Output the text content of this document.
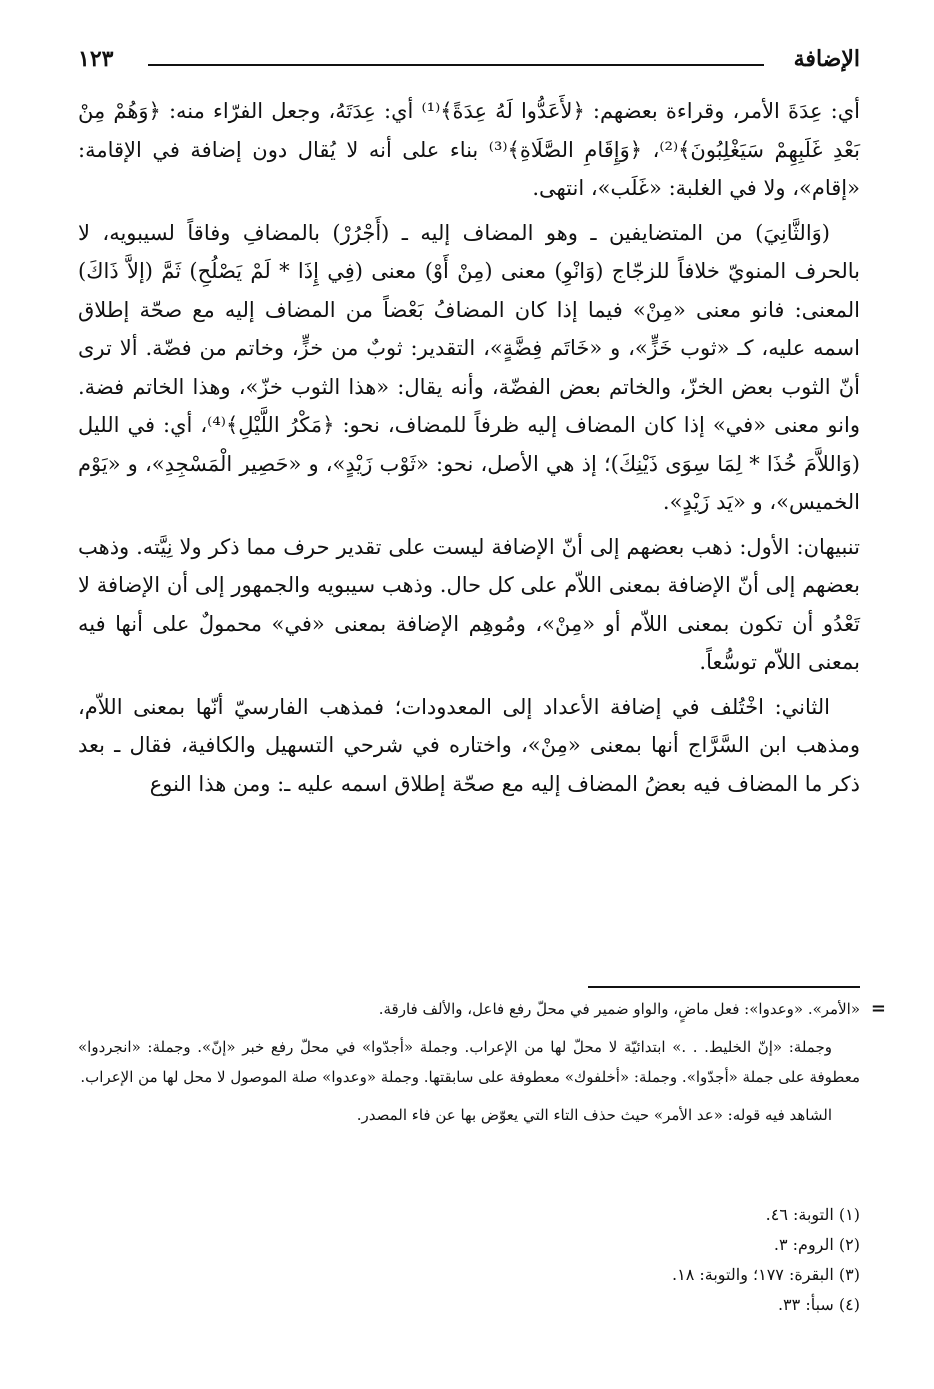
الإضافة
١٢٣

أي: عِدَةَ الأمر، وقراءة بعضهم: ﴿لأَعَدُّوا لَهُ عِدَةً﴾⁽¹⁾ أي: عِدَتَهُ، وجعل الفرّاء منه: ﴿وَهُمْ مِنْ بَعْدِ غَلَبِهِمْ سَيَغْلِبُونَ﴾⁽²⁾، ﴿وَإِقَامِ الصَّلَاةِ﴾⁽³⁾ بناء على أنه لا يُقال دون إضافة في الإقامة: «إقام»، ولا في الغلبة: «غَلَب»، انتهى.

(وَالثَّانِيَ) من المتضايفين ـ وهو المضاف إليه ـ (أَجْرُرْ) بالمضافِ وفاقاً لسيبويه، لا بالحرف المنويّ خلافاً للزجّاج (وَانْوِ) معنى (مِنْ أَوْ) معنى (فِي إِذَا * لَمْ يَصْلُحِ) ثَمَّ (إلاَّ ذَاكَ) المعنى: فانو معنى «مِنْ» فيما إذا كان المضافُ بَعْضاً من المضاف إليه مع صحّة إطلاق اسمه عليه، كـ «ثوب خَزٍّ»، و «خَاتَم فِضَّةٍ»، التقدير: ثوبٌ من خزٍّ، وخاتم من فضّة. ألا ترى أنّ الثوب بعض الخزّ، والخاتم بعض الفضّة، وأنه يقال: «هذا الثوب خزّ»، وهذا الخاتم فضة. وانو معنى «في» إذا كان المضاف إليه ظرفاً للمضاف، نحو: ﴿مَكْرُ اللَّيْلِ﴾⁽⁴⁾، أي: في الليل (وَاللاَّمَ خُذَا * لِمَا سِوَى ذَيْنِكَ)؛ إذ هي الأصل، نحو: «ثَوْب زَيْدٍ»، و «حَصِير الْمَسْجِدِ»، و «يَوْم الخميس»، و «يَد زَيْدٍ».

تنبيهان: الأول: ذهب بعضهم إلى أنّ الإضافة ليست على تقدير حرف مما ذكر ولا نِيَّته. وذهب بعضهم إلى أنّ الإضافة بمعنى اللاّم على كل حال. وذهب سيبويه والجمهور إلى أن الإضافة لا تَعْدُو أن تكون بمعنى اللاّم أو «مِنْ»، ومُوهِم الإضافة بمعنى «في» محمولٌ على أنها فيه بمعنى اللاّم توسُّعاً.

الثاني: اخْتُلف في إضافة الأعداد إلى المعدودات؛ فمذهب الفارسيّ أنّها بمعنى اللاّم، ومذهب ابن السَّرَّاج أنها بمعنى «مِنْ»، واختاره في شرحي التسهيل والكافية، فقال ـ بعد ذكر ما المضاف فيه بعضُ المضاف إليه مع صحّة إطلاق اسمه عليه ـ: ومن هذا النوع

=

«الأمر». «وعدوا»: فعل ماضٍ، والواو ضمير في محلّ رفع فاعل، والألف فارقة.

وجملة: «إنّ الخليط. . .» ابتدائيّة لا محلّ لها من الإعراب. وجملة «أجدّوا» في محلّ رفع خبر «إنّ». وجملة: «انجردوا» معطوفة على جملة «أجدّوا». وجملة: «أخلفوك» معطوفة على سابقتها. وجملة «وعدوا» صلة الموصول لا محل لها من الإعراب.

الشاهد فيه قوله: «عد الأمر» حيث حذف التاء التي يعوّض بها عن فاء المصدر.

(١) التوبة: ٤٦.
(٢) الروم: ٣.
(٣) البقرة: ١٧٧؛ والتوبة: ١٨.
(٤) سبأ: ٣٣.
